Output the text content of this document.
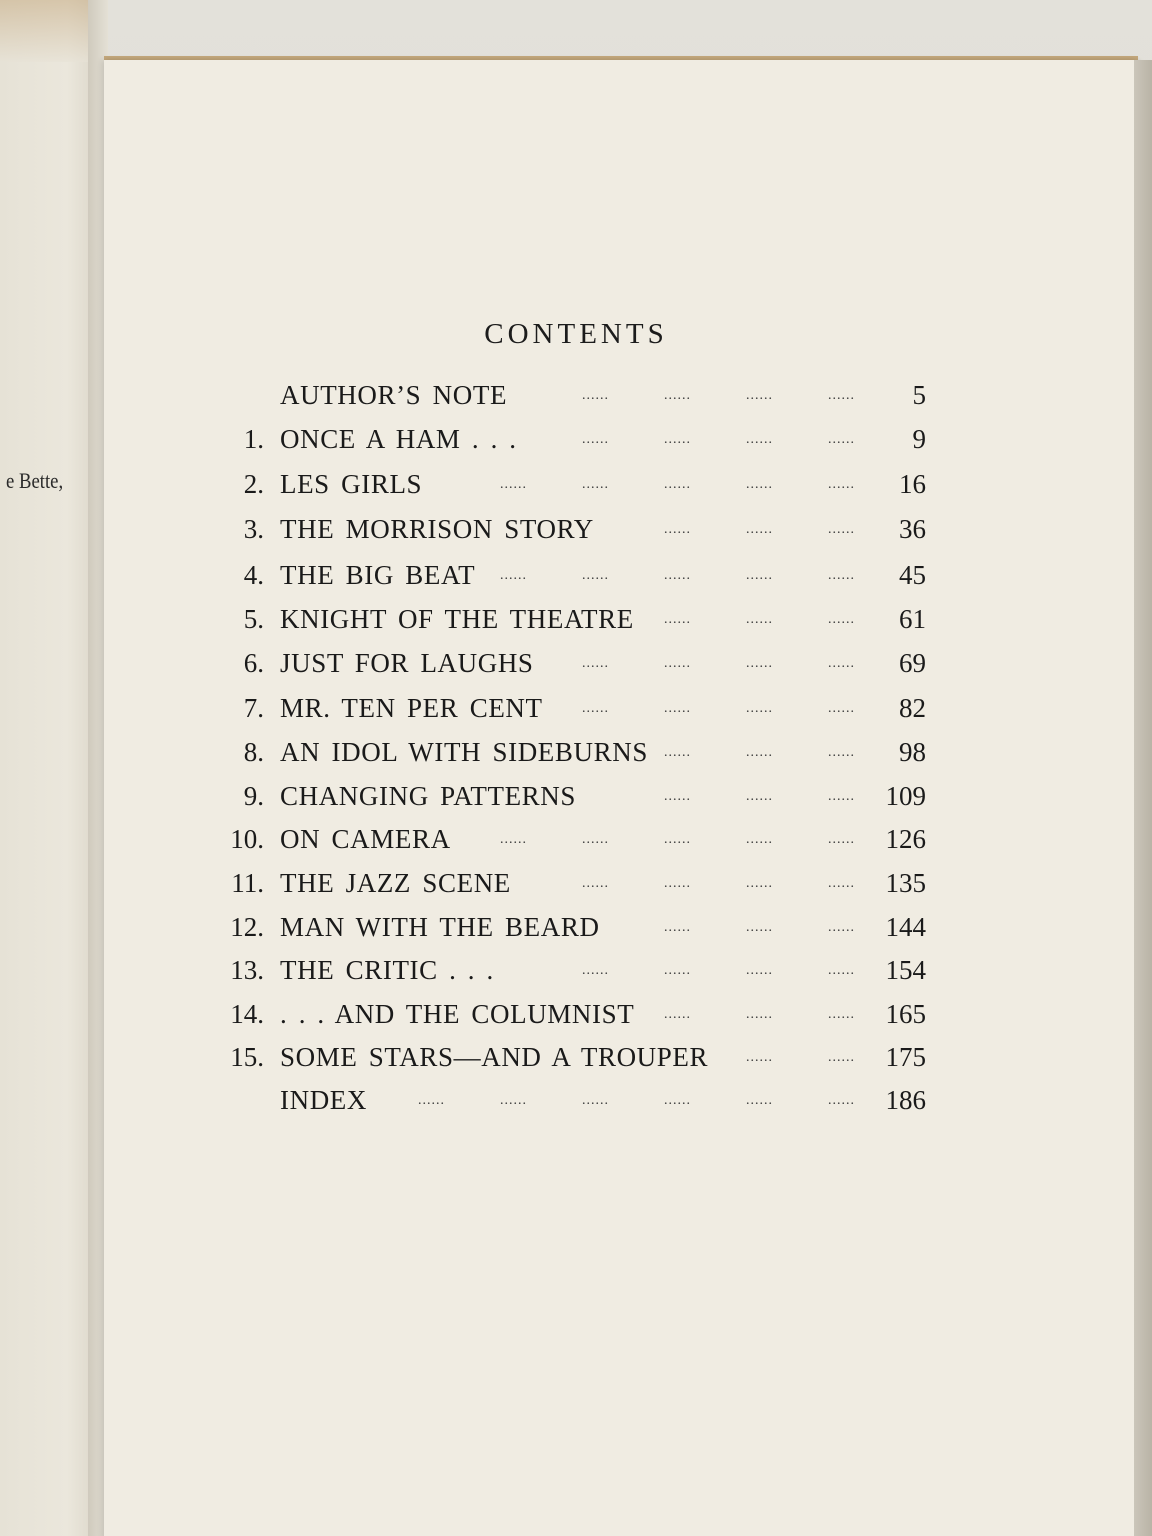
e Bette,
CONTENTS
AUTHOR’S NOTE	5
......	......	......	......
1. ONCE A HAM . . .	9
......	......	......	......
2. LES GIRLS	16
......	......	......	......	......
3. THE MORRISON STORY	36
......	......	......
4. THE BIG BEAT	45
......	......	......	......	......
5. KNIGHT OF THE THEATRE	61
......	......	......
6. JUST FOR LAUGHS	69
......	......	......	......
7. MR. TEN PER CENT	82
......	......	......	......
8. AN IDOL WITH SIDEBURNS	98
......	......	......
9. CHANGING PATTERNS	109
......	......	......
10. ON CAMERA	126
......	......	......	......	......
11. THE JAZZ SCENE	135
......	......	......	......
12. MAN WITH THE BEARD	144
......	......	......
13. THE CRITIC . . .	154
......	......	......	......
14. . . . AND THE COLUMNIST	165
......	......	......
15. SOME STARS—AND A TROUPER	175
......	......
INDEX	186
......	......	......	......	......	......
